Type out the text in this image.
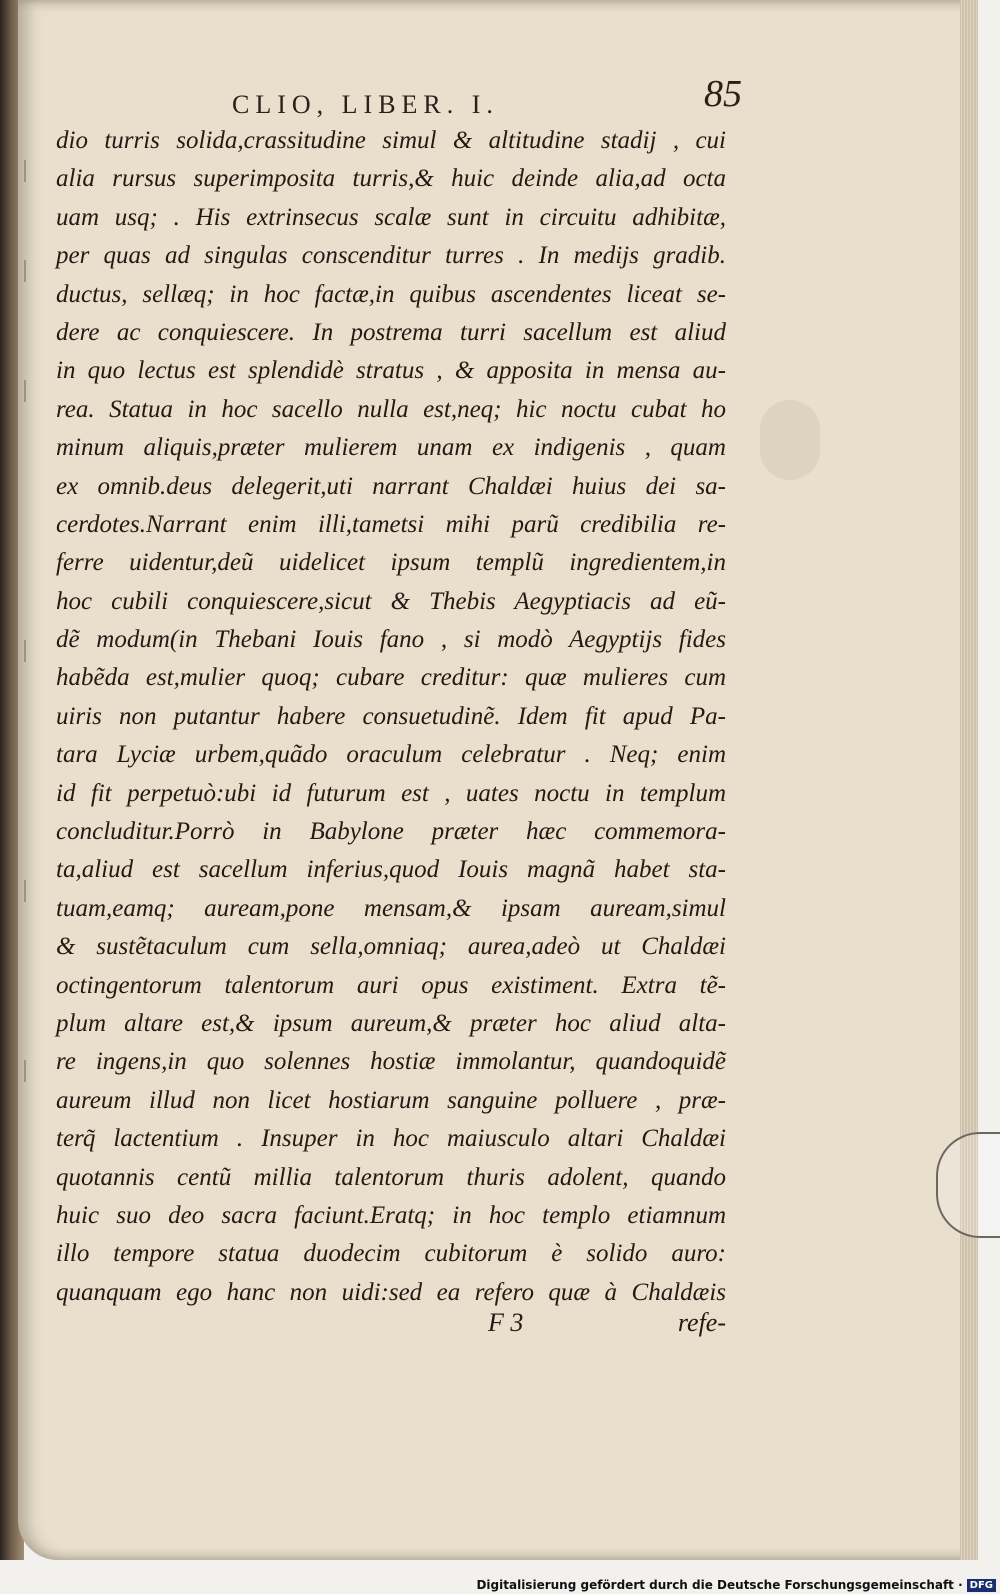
CLIO, LIBER. I.	85
dio turris solida,crassitudine simul & altitudine stadij , cui
alia rursus superimposita turris,& huic deinde alia,ad octa
uam usq; . His extrinsecus scalæ sunt in circuitu adhibitæ,
per quas ad singulas conscenditur turres . In medijs gradib.
ductus, sellæq; in hoc factæ,in quibus ascendentes liceat se-
dere ac conquiescere. In postrema turri sacellum est aliud
in quo lectus est splendidè stratus , & apposita in mensa au-
rea. Statua in hoc sacello nulla est,neq; hic noctu cubat ho
minum aliquis,præter mulierem unam ex indigenis , quam
ex omnib.deus delegerit,uti narrant Chaldæi huius dei sa-
cerdotes.Narrant enim illi,tametsi mihi parũ credibilia re-
ferre uidentur,deũ uidelicet ipsum templũ ingredientem,in
hoc cubili conquiescere,sicut & Thebis Aegyptiacis ad eũ-
dẽ modum(in Thebani Iouis fano , si modò Aegyptijs fides
habẽda est,mulier quoq; cubare creditur: quæ mulieres cum
uiris non putantur habere consuetudinẽ. Idem fit apud Pa-
tara Lyciæ urbem,quãdo oraculum celebratur . Neq; enim
id fit perpetuò:ubi id futurum est , uates noctu in templum
concluditur.Porrò in Babylone præter hæc commemora-
ta,aliud est sacellum inferius,quod Iouis magnã habet sta-
tuam,eamq; auream,pone mensam,& ipsam auream,simul
& sustẽtaculum cum sella,omniaq; aurea,adeò ut Chaldæi
octingentorum talentorum auri opus existiment. Extra tẽ-
plum altare est,& ipsum aureum,& præter hoc aliud alta-
re ingens,in quo solennes hostiæ immolantur, quandoquidẽ
aureum illud non licet hostiarum sanguine polluere , præ-
terq̃ lactentium . Insuper in hoc maiusculo altari Chaldæi
quotannis centũ millia talentorum thuris adolent, quando
huic suo deo sacra faciunt.Eratq; in hoc templo etiamnum
illo tempore statua duodecim cubitorum è solido auro:
quanquam ego hanc non uidi:sed ea refero quæ à Chaldæis
F 3	refe-
Digitalisierung gefördert durch die Deutsche Forschungsgemeinschaft · DFG
